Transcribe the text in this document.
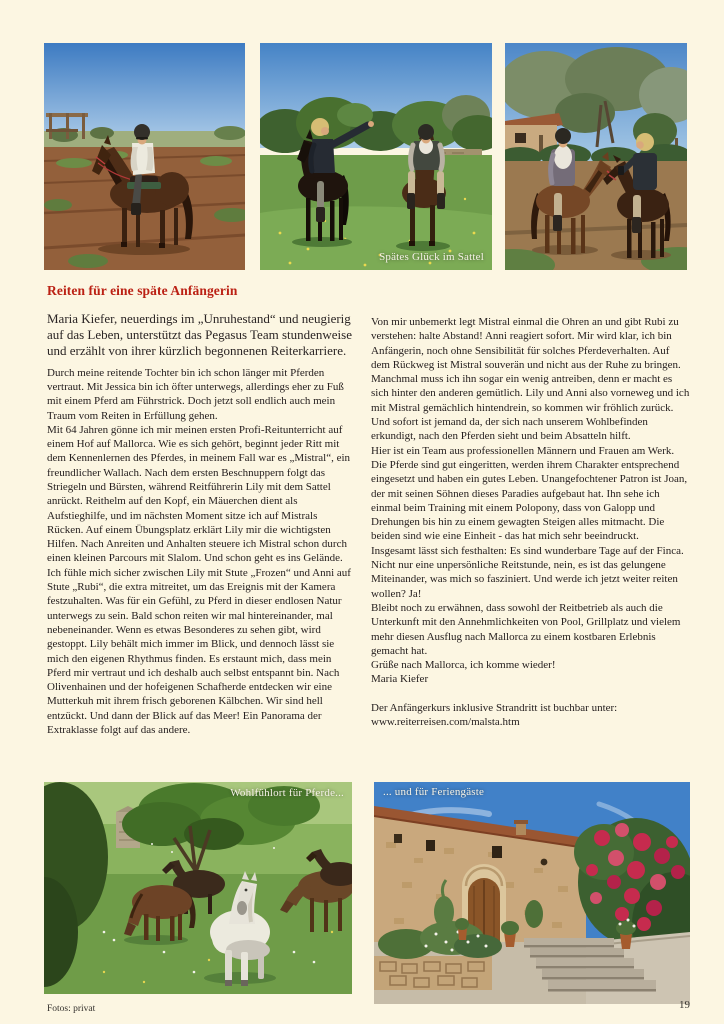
Spätes Glück im Sattel
Reiten für eine späte Anfängerin

Maria Kiefer, neuerdings im „Unruhestand“ und neugierig auf das Leben, unterstützt das Pegasus Team stundenweise und erzählt von ihrer kürzlich begonnenen Reiterkarriere.

Durch meine reitende Tochter bin ich schon länger mit Pferden vertraut. Mit Jessica bin ich öfter unterwegs, allerdings eher zu Fuß mit einem Pferd am Führstrick. Doch jetzt soll endlich auch mein Traum vom Reiten in Erfüllung gehen.

Mit 64 Jahren gönne ich mir meinen ersten Profi-Reitunterricht auf einem Hof auf Mallorca. Wie es sich gehört, beginnt jeder Ritt mit dem Kennenlernen des Pferdes, in meinem Fall war es „Mistral“, ein freundlicher Wallach. Nach dem ersten Beschnuppern folgt das Striegeln und Bürsten, während Reitführerin Lily mit dem Sattel anrückt. Reithelm auf den Kopf, ein Mäuerchen dient als Aufstieghilfe, und im nächsten Moment sitze ich auf Mistrals Rücken. Auf einem Übungsplatz erklärt Lily mir die wichtigsten Hilfen. Nach Anreiten und Anhalten steuere ich Mistral schon durch einen kleinen Parcours mit Slalom. Und schon geht es ins Gelände. Ich fühle mich sicher zwischen Lily mit Stute „Frozen“ und Anni auf Stute „Rubi“, die extra mitreitet, um das Ereignis mit der Kamera festzuhalten. Was für ein Gefühl, zu Pferd in dieser endlosen Natur unterwegs zu sein. Bald schon reiten wir mal hintereinander, mal nebeneinander. Wenn es etwas Besonderes zu sehen gibt, wird gestoppt. Lily behält mich immer im Blick, und dennoch lässt sie mich den eigenen Rhythmus finden. Es erstaunt mich, dass mein Pferd mir vertraut und ich deshalb auch selbst entspannt bin. Nach Olivenhainen und der hofeigenen Schafherde entdecken wir eine Mutterkuh mit ihrem frisch geborenen Kälbchen. Wir sind hell entzückt. Und dann der Blick auf das Meer! Ein Panorama der Extraklasse folgt auf das andere.

Von mir unbemerkt legt Mistral einmal die Ohren an und gibt Rubi zu verstehen: halte Abstand! Anni reagiert sofort. Mir wird klar, ich bin Anfängerin, noch ohne Sensibilität für solches Pferdeverhalten. Auf dem Rückweg ist Mistral souverän und nicht aus der Ruhe zu bringen. Manchmal muss ich ihn sogar ein wenig antreiben, denn er macht es sich hinter den anderen gemütlich. Lily und Anni also vorneweg und ich mit Mistral gemächlich hintendrein, so kommen wir fröhlich zurück.

Und sofort ist jemand da, der sich nach unserem Wohlbefinden erkundigt, nach den Pferden sieht und beim Absatteln hilft.

Hier ist ein Team aus professionellen Männern und Frauen am Werk. Die Pferde sind gut eingeritten, werden ihrem Charakter entsprechend eingesetzt und haben ein gutes Leben. Unangefochtener Patron ist Joan, der mit seinen Söhnen dieses Paradies aufgebaut hat. Ihn sehe ich einmal beim Training mit einem Polopony, dass von Galopp und Drehungen bis hin zu einem gewagten Steigen alles mitmacht. Die beiden sind wie eine Einheit - das hat mich sehr beeindruckt.

Insgesamt lässt sich festhalten: Es sind wunderbare Tage auf der Finca. Nicht nur eine unpersönliche Reitstunde, nein, es ist das gelungene Miteinander, was mich so fasziniert. Und werde ich jetzt weiter reiten wollen? Ja!

Bleibt noch zu erwähnen, dass sowohl der Reitbetrieb als auch die Unterkunft mit den Annehmlichkeiten von Pool, Grillplatz und vielem mehr diesen Ausflug nach Mallorca zu einem kostbaren Erlebnis gemacht hat.

Grüße nach Mallorca, ich komme wieder!

Maria Kiefer

Der Anfängerkurs inklusive Strandritt ist buchbar unter:

www.reiterreisen.com/malsta.htm

Wohlfühlort für Pferde...	... und für Feriengäste
Fotos: privat	19
